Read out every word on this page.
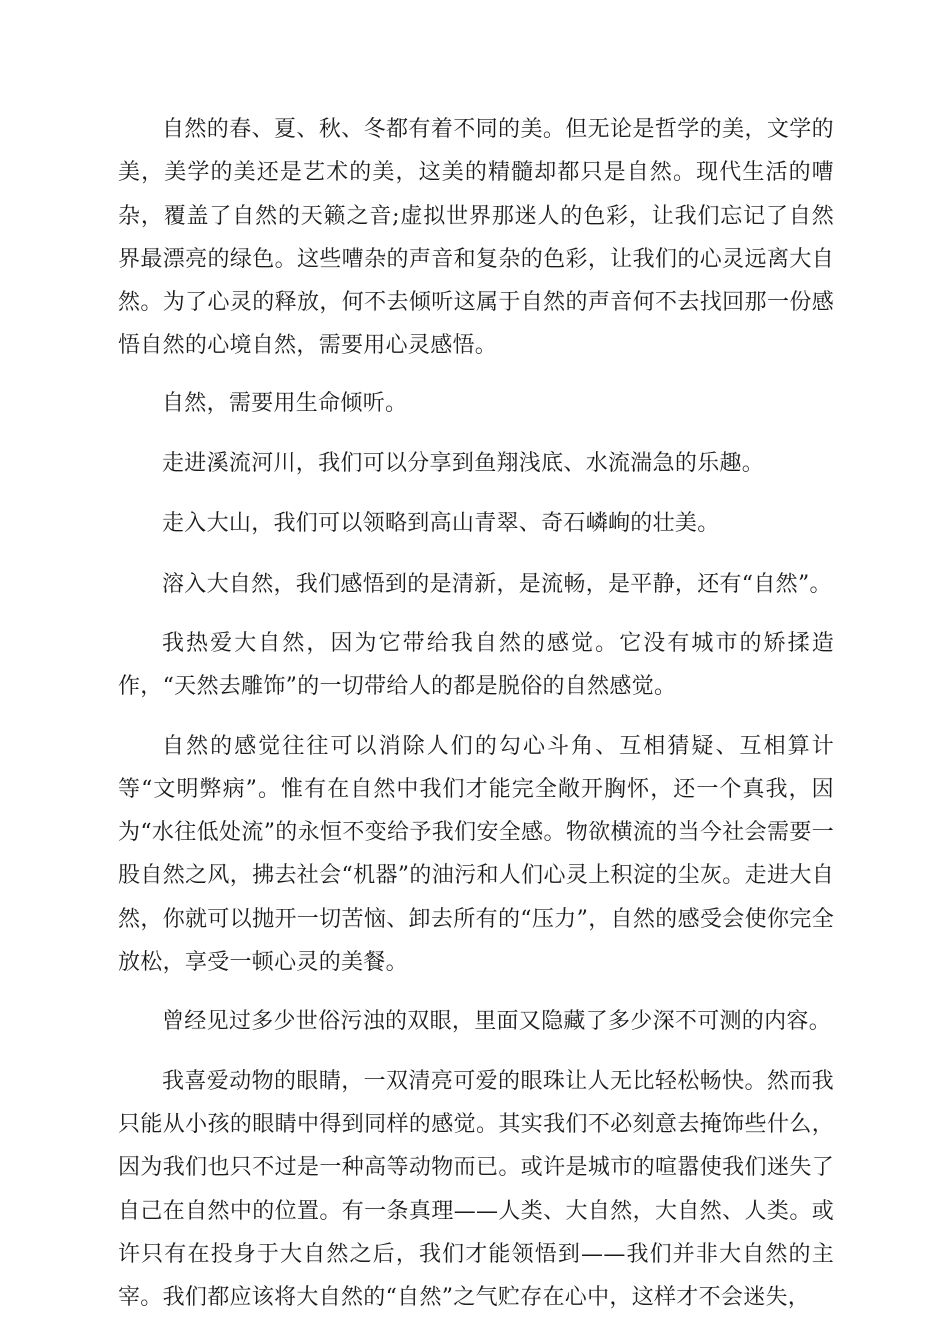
自然的春、夏、秋、冬都有着不同的美。但无论是哲学的美，文学的美，美学的美还是艺术的美，这美的精髓却都只是自然。现代生活的嘈杂，覆盖了自然的天籁之音;虚拟世界那迷人的色彩，让我们忘记了自然界最漂亮的绿色。这些嘈杂的声音和复杂的色彩，让我们的心灵远离大自然。为了心灵的释放，何不去倾听这属于自然的声音何不去找回那一份感悟自然的心境自然，需要用心灵感悟。

自然，需要用生命倾听。

走进溪流河川，我们可以分享到鱼翔浅底、水流湍急的乐趣。

走入大山，我们可以领略到高山青翠、奇石嶙峋的壮美。

溶入大自然，我们感悟到的是清新，是流畅，是平静，还有“自然”。

我热爱大自然，因为它带给我自然的感觉。它没有城市的矫揉造作，“天然去雕饰”的一切带给人的都是脱俗的自然感觉。

自然的感觉往往可以消除人们的勾心斗角、互相猜疑、互相算计等“文明弊病”。惟有在自然中我们才能完全敞开胸怀，还一个真我，因为“水往低处流”的永恒不变给予我们安全感。物欲横流的当今社会需要一股自然之风，拂去社会“机器”的油污和人们心灵上积淀的尘灰。走进大自然，你就可以抛开一切苦恼、卸去所有的“压力”，自然的感受会使你完全放松，享受一顿心灵的美餐。

曾经见过多少世俗污浊的双眼，里面又隐藏了多少深不可测的内容。

我喜爱动物的眼睛，一双清亮可爱的眼珠让人无比轻松畅快。然而我只能从小孩的眼睛中得到同样的感觉。其实我们不必刻意去掩饰些什么，因为我们也只不过是一种高等动物而已。或许是城市的喧嚣使我们迷失了自己在自然中的位置。有一条真理——人类、大自然，大自然、人类。或许只有在投身于大自然之后，我们才能领悟到——我们并非大自然的主宰。我们都应该将大自然的“自然”之气贮存在心中，这样才不会迷失，
